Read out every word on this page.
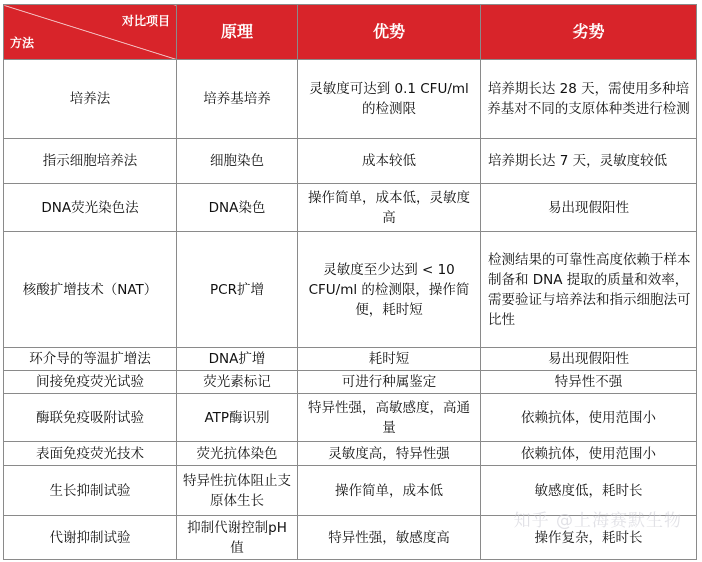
对比项目
方法	原理	优势	劣势
培养法	培养基培养	灵敏度可达到 0.1 CFU/ml 的检测限	培养期长达 28 天，需使用多种培养基对不同的支原体种类进行检测
指示细胞培养法	细胞染色	成本较低	培养期长达 7 天，灵敏度较低
DNA荧光染色法	DNA染色	操作简单，成本低，灵敏度高	易出现假阳性
核酸扩增技术（NAT）	PCR扩增	灵敏度至少达到 < 10 CFU/ml 的检测限，操作简便，耗时短	检测结果的可靠性高度依赖于样本制备和 DNA 提取的质量和效率，需要验证与培养法和指示细胞法可比性
环介导的等温扩增法	DNA扩增	耗时短	易出现假阳性
间接免疫荧光试验	荧光素标记	可进行种属鉴定	特异性不强
酶联免疫吸附试验	ATP酶识别	特异性强，高敏感度，高通量	依赖抗体，使用范围小
表面免疫荧光技术	荧光抗体染色	灵敏度高，特异性强	依赖抗体，使用范围小
生长抑制试验	特异性抗体阻止支原体生长	操作简单，成本低	敏感度低，耗时长
代谢抑制试验	抑制代谢控制pH值	特异性强，敏感度高	操作复杂，耗时长
知乎 @上海赛默生物
